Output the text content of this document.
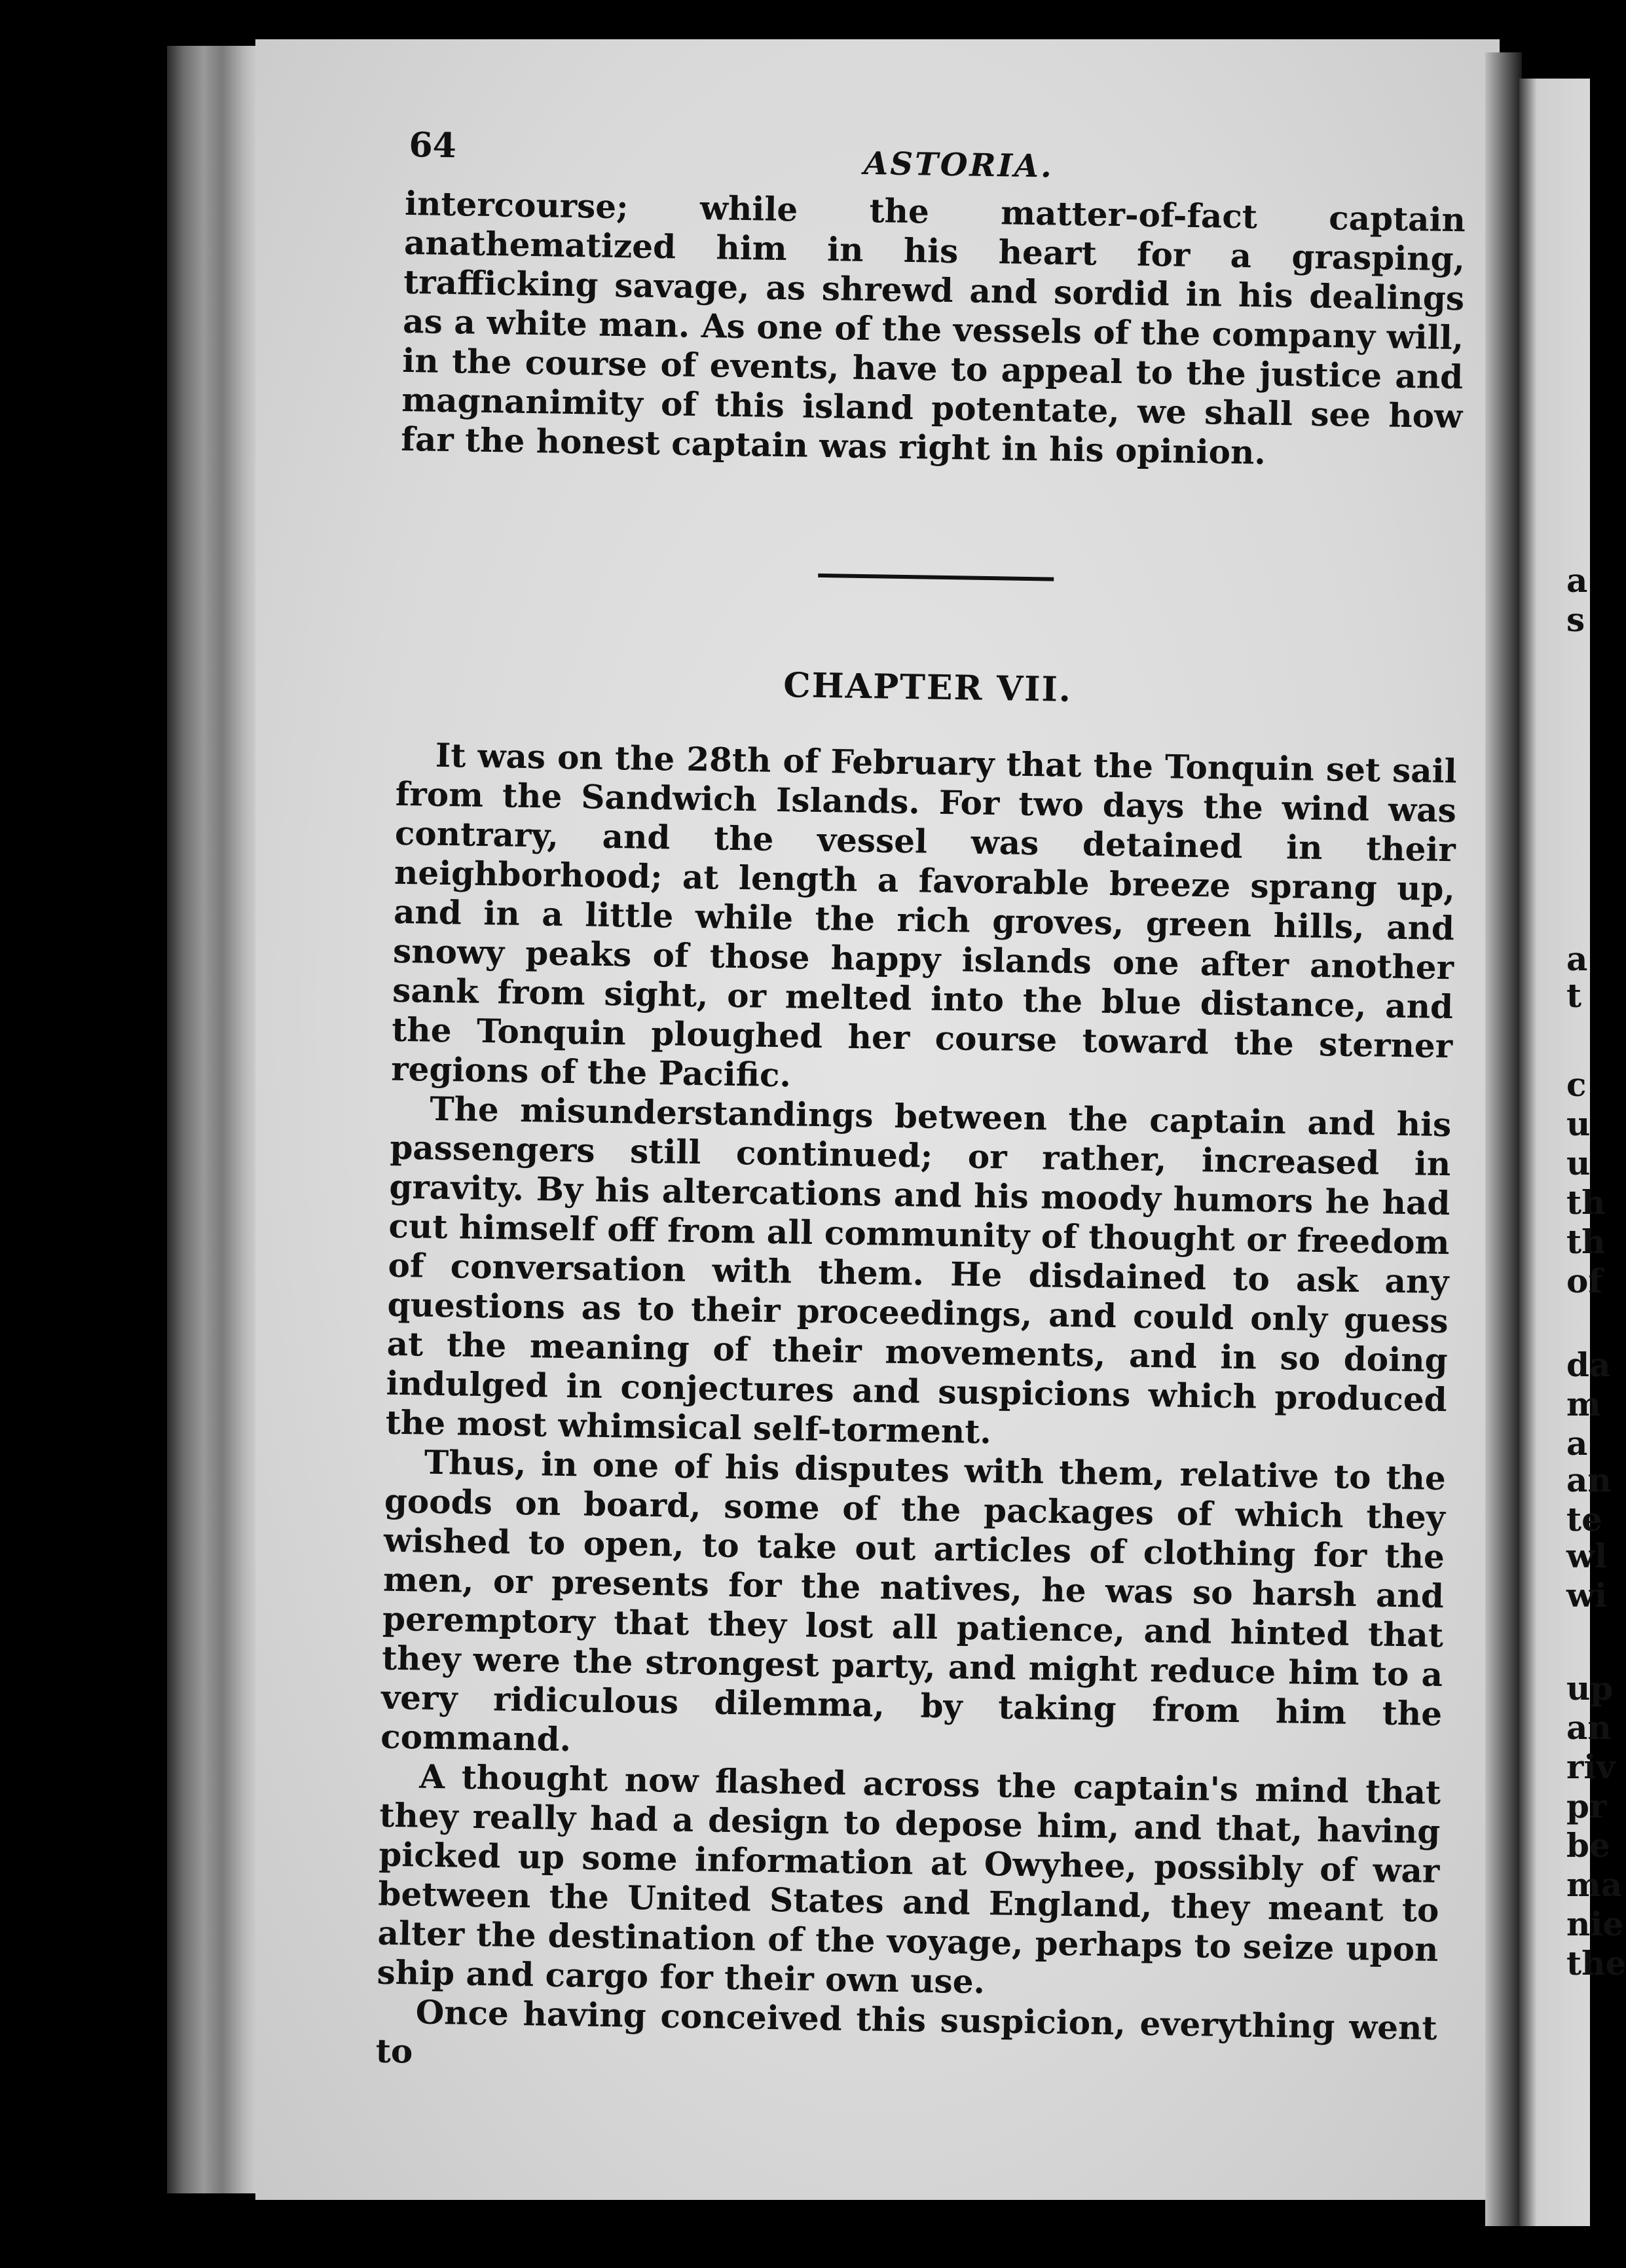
a
s
a
t
c
u
u
th
th
of
da
m
a
an
te
wl
wi
up
an
riv
pr
be
ma
nie
the
64	ASTORIA.

intercourse; while the matter-of-fact captain anathematized him in his heart for a grasping, trafficking savage, as shrewd and sordid in his dealings as a white man. As one of the vessels of the company will, in the course of events, have to appeal to the justice and magnanimity of this island potentate, we shall see how far the honest captain was right in his opinion.

CHAPTER VII.

It was on the 28th of February that the Tonquin set sail from the Sandwich Islands. For two days the wind was contrary, and the vessel was detained in their neighborhood; at length a favorable breeze sprang up, and in a little while the rich groves, green hills, and snowy peaks of those happy islands one after another sank from sight, or melted into the blue distance, and the Tonquin ploughed her course toward the sterner regions of the Pacific.

The misunderstandings between the captain and his passengers still continued; or rather, increased in gravity. By his altercations and his moody humors he had cut himself off from all community of thought or freedom of conversation with them. He disdained to ask any questions as to their proceedings, and could only guess at the meaning of their movements, and in so doing indulged in conjectures and suspicions which produced the most whimsical self-torment.

Thus, in one of his disputes with them, relative to the goods on board, some of the packages of which they wished to open, to take out articles of clothing for the men, or presents for the natives, he was so harsh and peremptory that they lost all patience, and hinted that they were the strongest party, and might reduce him to a very ridiculous dilemma, by taking from him the command.

A thought now flashed across the captain's mind that they really had a design to depose him, and that, having picked up some information at Owyhee, possibly of war between the United States and England, they meant to alter the destination of the voyage, perhaps to seize upon ship and cargo for their own use.

Once having conceived this suspicion, everything went to
